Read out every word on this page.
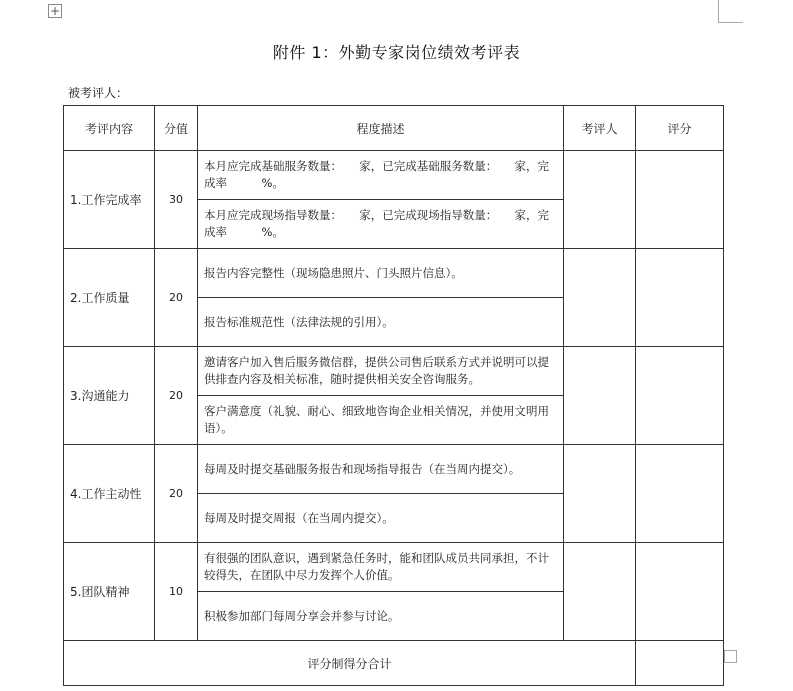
+
附件 1：外勤专家岗位绩效考评表
被考评人：
考评内容	分值	程度描述	考评人	评分
1.工作完成率	30	本月应完成基础服务数量：　　家，已完成基础服务数量：　　家，完成率　　　%。		
		本月应完成现场指导数量：　　家，已完成现场指导数量：　　家，完成率　　　%。		
2.工作质量	20	报告内容完整性（现场隐患照片、门头照片信息）。		
		报告标准规范性（法律法规的引用）。		
3.沟通能力	20	邀请客户加入售后服务微信群，提供公司售后联系方式并说明可以提供排查内容及相关标准，随时提供相关安全咨询服务。		
		客户满意度（礼貌、耐心、细致地咨询企业相关情况，并使用文明用语）。		
4.工作主动性	20	每周及时提交基础服务报告和现场指导报告（在当周内提交）。		
		每周及时提交周报（在当周内提交）。		
5.团队精神	10	有很强的团队意识，遇到紧急任务时，能和团队成员共同承担，不计较得失，在团队中尽力发挥个人价值。		
		积极参加部门每周分享会并参与讨论。		
评分制得分合计				
